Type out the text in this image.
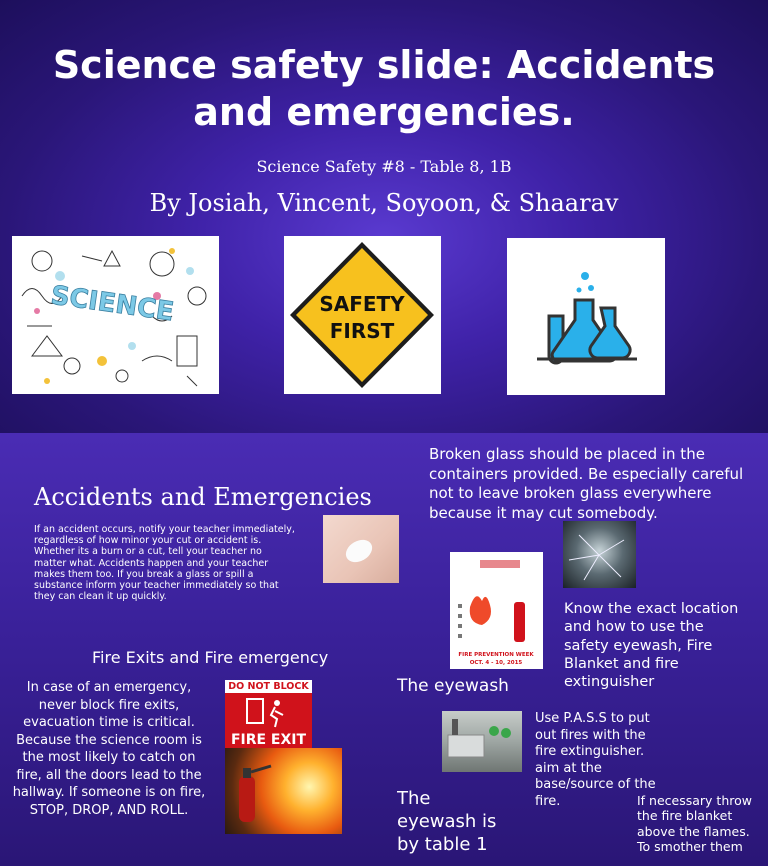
Science safety slide: Accidents and emergencies.
Science Safety #8 - Table 8, 1B
By Josiah, Vincent, Soyoon, & Shaarav
SCIENCE	SAFETY
FIRST
Accidents and Emergencies
If an accident occurs, notify your teacher immediately, regardless of how minor your cut or accident is. Whether its a burn or a cut, tell your teacher no matter what. Accidents happen and your teacher makes them too. If you break a glass or spill a substance inform your teacher immediately so that they can clean it up quickly.
Broken glass should be placed in the containers provided. Be especially careful not to leave broken glass everywhere because it may cut somebody.
FIRE PREVENTION WEEK
OCT. 4 - 10, 2015
Know the exact location and how to use the safety eyewash, Fire Blanket and fire extinguisher
Fire Exits and Fire emergency
In case of an emergency, never block fire exits, evacuation time is critical. Because the science room is the most likely to catch on fire, all the doors lead to the hallway. If someone is on fire, STOP, DROP, AND ROLL.
DO NOT BLOCK
FIRE EXIT
The eyewash
Use P.A.S.S to put out fires with the fire extinguisher. aim at the base/source of the fire.
The eyewash is by table 1
If necessary throw the fire blanket above the flames. To smother them
